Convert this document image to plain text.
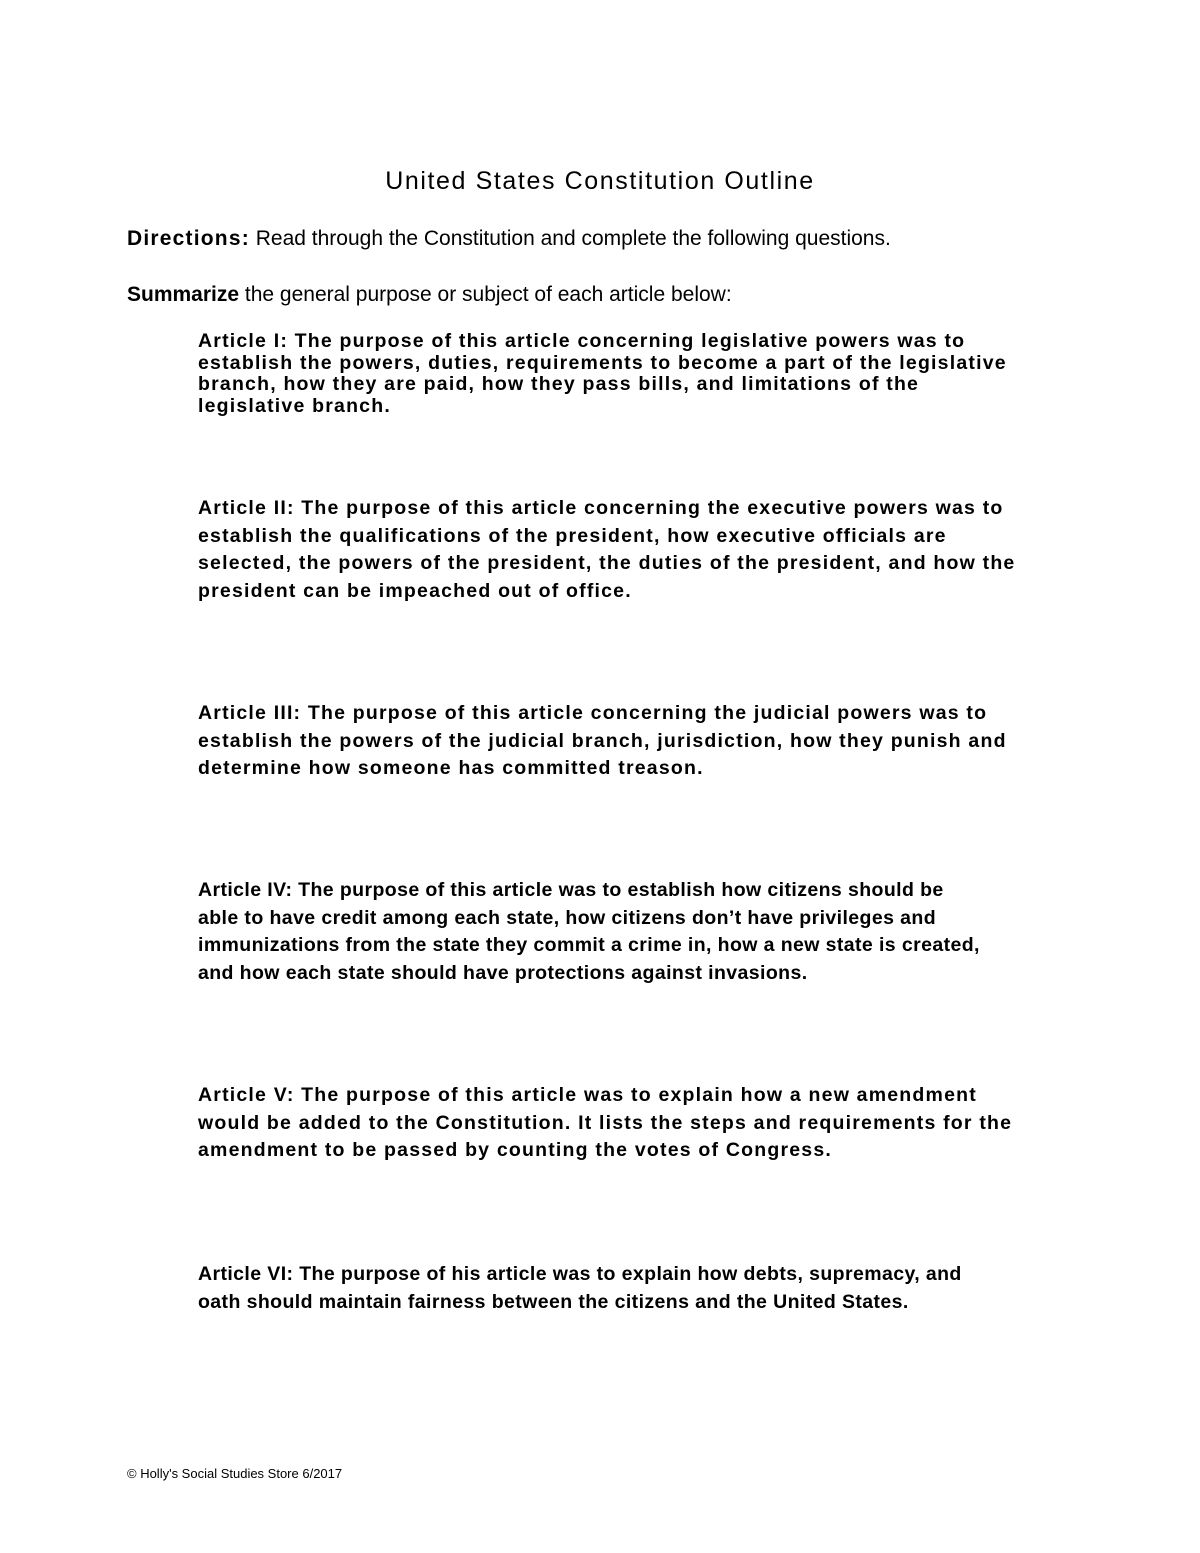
United States Constitution Outline
Directions: Read through the Constitution and complete the following questions.
Summarize the general purpose or subject of each article below:
Article I: The purpose of this article concerning legislative powers was to
establish the powers, duties, requirements to become a part of the legislative
branch, how they are paid, how they pass bills, and limitations of the
legislative branch.
Article II: The purpose of this article concerning the executive powers was to
establish the qualifications of the president, how executive officials are
selected, the powers of the president, the duties of the president, and how the
president can be impeached out of office.
Article III: The purpose of this article concerning the judicial powers was to
establish the powers of the judicial branch, jurisdiction, how they punish and
determine how someone has committed treason.
Article IV: The purpose of this article was to establish how citizens should be
able to have credit among each state, how citizens don’t have privileges and
immunizations from the state they commit a crime in, how a new state is created,
and how each state should have protections against invasions.
Article V: The purpose of this article was to explain how a new amendment
would be added to the Constitution. It lists the steps and requirements for the
amendment to be passed by counting the votes of Congress.
Article VI: The purpose of his article was to explain how debts, supremacy, and
oath should maintain fairness between the citizens and the United States.
© Holly's Social Studies Store 6/2017
